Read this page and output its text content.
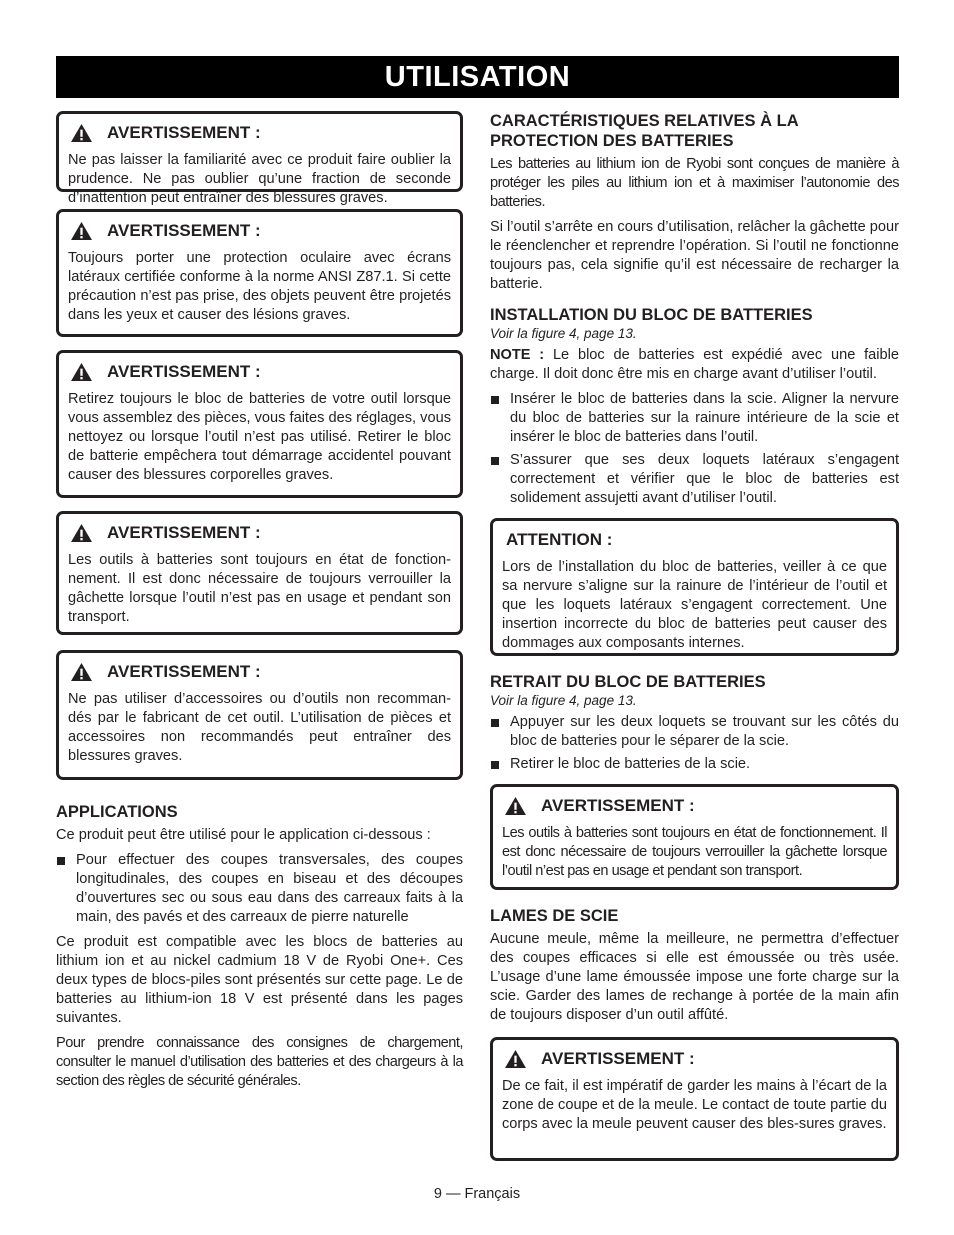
UTILISATION
AVERTISSEMENT :

Ne pas laisser la familiarité avec ce produit faire oublier la prudence. Ne pas oublier qu’une fraction de seconde d’inattention peut entraîner des blessures graves.

AVERTISSEMENT :

Toujours porter une protection oculaire avec écrans latéraux certifiée conforme à la norme ANSI Z87.1. Si cette précaution n’est pas prise, des objets peuvent être projetés dans les yeux et causer des lésions graves.

AVERTISSEMENT :

Retirez toujours le bloc de batteries de votre outil lorsque vous assemblez des pièces, vous faites des réglages, vous nettoyez ou lorsque l’outil n’est pas utilisé. Retirer le bloc de batterie empêchera tout démarrage accidentel pouvant causer des blessures corporelles graves.

AVERTISSEMENT :

Les outils à batteries sont toujours en état de fonction-nement. Il est donc nécessaire de toujours verrouiller la gâchette lorsque l’outil n’est pas en usage et pendant son transport.

AVERTISSEMENT :

Ne pas utiliser d’accessoires ou d’outils non recomman-dés par le fabricant de cet outil. L’utilisation de pièces et accessoires non recommandés peut entraîner des blessures graves.

APPLICATIONS

Ce produit peut être utilisé pour le application ci-dessous :

Pour effectuer des coupes transversales, des coupes longitudinales, des coupes en biseau et des découpes d’ouvertures sec ou sous eau dans des carreaux faits à la main, des pavés et des carreaux de pierre naturelle

Ce produit est compatible avec les blocs de batteries au lithium ion et au nickel cadmium 18 V de Ryobi One+. Ces deux types de blocs-piles sont présentés sur cette page. Le de batteries au lithium-ion 18 V est présenté dans les pages suivantes.

Pour prendre connaissance des consignes de chargement, consulter le manuel d’utilisation des batteries et des chargeurs à la section des règles de sécurité générales.

CARACTÉRISTIQUES RELATIVES À LA PROTECTION DES BATTERIES

Les batteries au lithium ion de Ryobi sont conçues de manière à protéger les piles au lithium ion et à maximiser l’autonomie des batteries.

Si l’outil s’arrête en cours d’utilisation, relâcher la gâchette pour le réenclencher et reprendre l’opération. Si l’outil ne fonctionne toujours pas, cela signifie qu’il est nécessaire de recharger la batterie.

INSTALLATION DU BLOC DE BATTERIES

Voir la figure 4, page 13.

NOTE : Le bloc de batteries est expédié avec une faible charge. Il doit donc être mis en charge avant d’utiliser l’outil.

Insérer le bloc de batteries dans la scie. Aligner la nervure du bloc de batteries sur la rainure intérieure de la scie et insérer le bloc de batteries dans l’outil.
S’assurer que ses deux loquets latéraux s’engagent correctement et vérifier que le bloc de batteries est solidement assujetti avant d’utiliser l’outil.
ATTENTION :

Lors de l’installation du bloc de batteries, veiller à ce que sa nervure s’aligne sur la rainure de l’intérieur de l’outil et que les loquets latéraux s’engagent correctement. Une insertion incorrecte du bloc de batteries peut causer des dommages aux composants internes.

RETRAIT DU BLOC DE BATTERIES

Voir la figure 4, page 13.

Appuyer sur les deux loquets se trouvant sur les côtés du bloc de batteries pour le séparer de la scie.
Retirer le bloc de batteries de la scie.
AVERTISSEMENT :

Les outils à batteries sont toujours en état de fonctionnement. Il est donc nécessaire de toujours verrouiller la gâchette lorsque l’outil n’est pas en usage et pendant son transport.

LAMES DE SCIE

Aucune meule, même la meilleure, ne permettra d’effectuer des coupes efficaces si elle est émoussée ou très usée. L’usage d’une lame émoussée impose une forte charge sur la scie. Garder des lames de rechange à portée de la main afin de toujours disposer d’un outil affûté.

AVERTISSEMENT :

De ce fait, il est impératif de garder les mains à l’écart de la zone de coupe et de la meule. Le contact de toute partie du corps avec la meule peuvent causer des bles-sures graves.

9 — Français
